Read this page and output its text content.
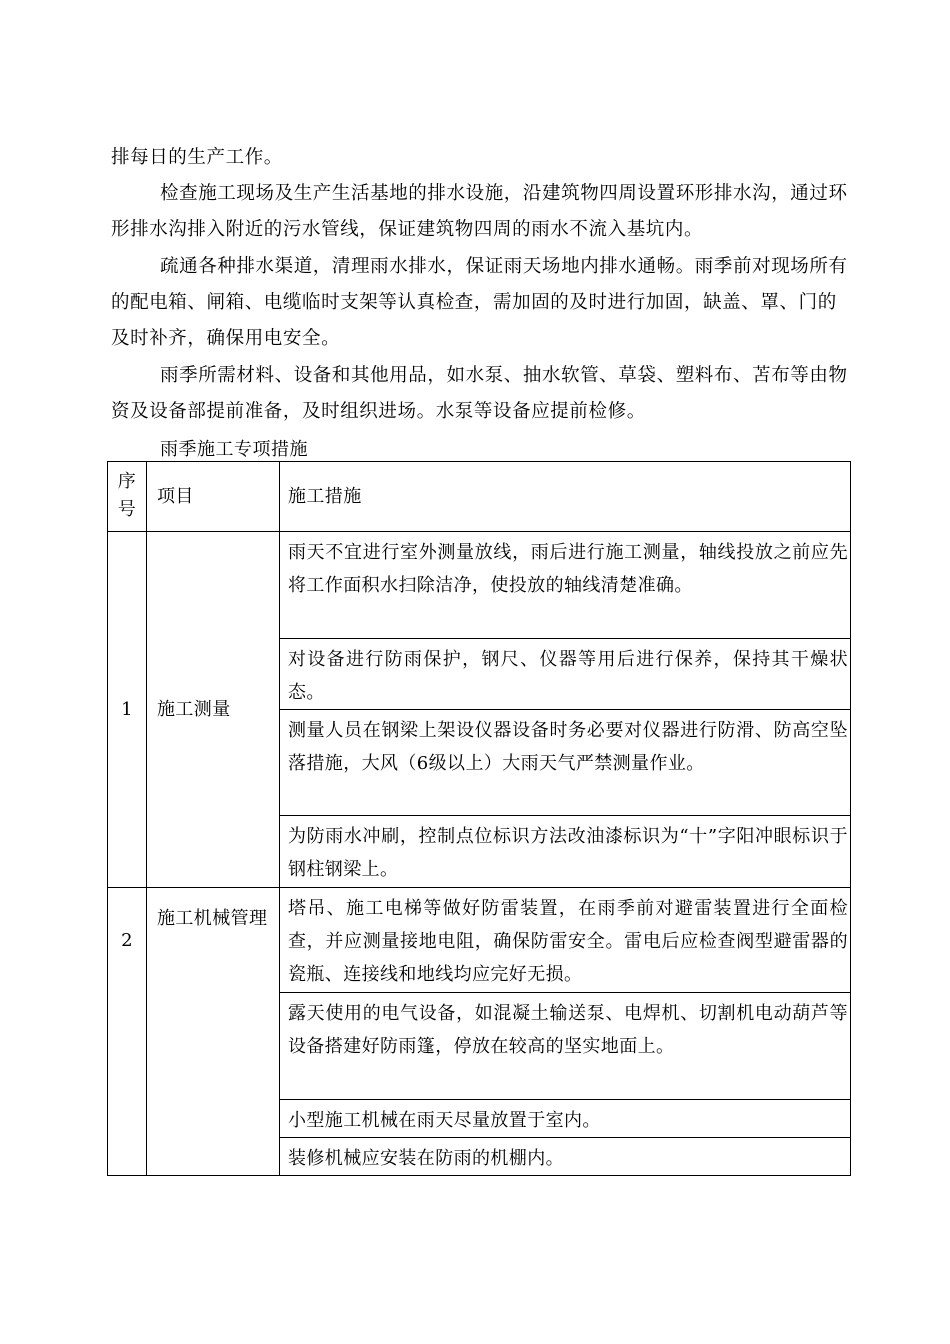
排每日的生产工作。

检查施工现场及生产生活基地的排水设施，沿建筑物四周设置环形排水沟，通过环形排水沟排入附近的污水管线，保证建筑物四周的雨水不流入基坑内。

疏通各种排水渠道，清理雨水排水，保证雨天场地内排水通畅。雨季前对现场所有的配电箱、闸箱、电缆临时支架等认真检查，需加固的及时进行加固，缺盖、罩、门的及时补齐，确保用电安全。

雨季所需材料、设备和其他用品，如水泵、抽水软管、草袋、塑料布、苫布等由物资及设备部提前准备，及时组织进场。水泵等设备应提前检修。

雨季施工专项措施
序号	项目	施工措施

1	施工测量	雨天不宜进行室外测量放线，雨后进行施工测量，轴线投放之前应先将工作面积水扫除洁净，使投放的轴线清楚准确。

		对设备进行防雨保护，钢尺、仪器等用后进行保养，保持其干燥状态。

		测量人员在钢梁上架设仪器设备时务必要对仪器进行防滑、防高空坠落措施，大风（6级以上）大雨天气严禁测量作业。

		为防雨水冲刷，控制点位标识方法改油漆标识为“十”字阳冲眼标识于钢柱钢梁上。

2	施工机械管理	塔吊、施工电梯等做好防雷装置，在雨季前对避雷装置进行全面检查，并应测量接地电阻，确保防雷安全。雷电后应检查阀型避雷器的瓷瓶、连接线和地线均应完好无损。

		露天使用的电气设备，如混凝土输送泵、电焊机、切割机电动葫芦等设备搭建好防雨篷，停放在较高的坚实地面上。

		小型施工机械在雨天尽量放置于室内。

		装修机械应安装在防雨的机棚内。
